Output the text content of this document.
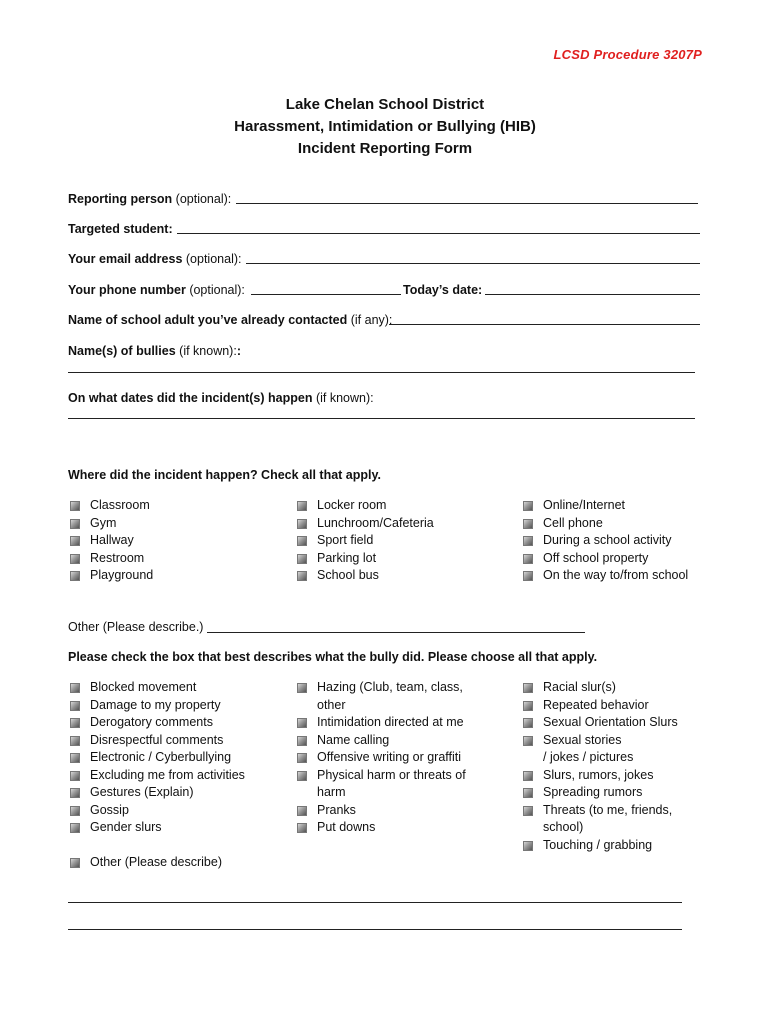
LCSD Procedure 3207P
Lake Chelan School District
Harassment, Intimidation or Bullying (HIB)
Incident Reporting Form
Reporting person (optional):
Targeted student:
Your email address (optional):
Your phone number (optional):	Today’s date:
Name of school adult you’ve already contacted (if any):
Name(s) of bullies (if known)::
On what dates did the incident(s) happen (if known):
Where did the incident happen? Check all that apply.
Classroom
Gym
Hallway
Restroom
Playground
Locker room
Lunchroom/Cafeteria
Sport field
Parking lot
School bus
Online/Internet
Cell phone
During a school activity
Off school property
On the way to/from school
Other (Please describe.)
Please check the box that best describes what the bully did. Please choose all that apply.
Blocked movement
Damage to my property
Derogatory comments
Disrespectful comments
Electronic / Cyberbullying
Excluding me from activities
Gestures (Explain)
Gossip
Gender slurs
Other (Please describe)
Hazing (Club, team, class,
other
Intimidation directed at me
Name calling
Offensive writing or graffiti
Physical harm or threats of
harm
Pranks
Put downs
Racial slur(s)
Repeated behavior
Sexual Orientation Slurs
Sexual stories
/ jokes / pictures
Slurs, rumors, jokes
Spreading rumors
Threats (to me, friends,
school)
Touching / grabbing
